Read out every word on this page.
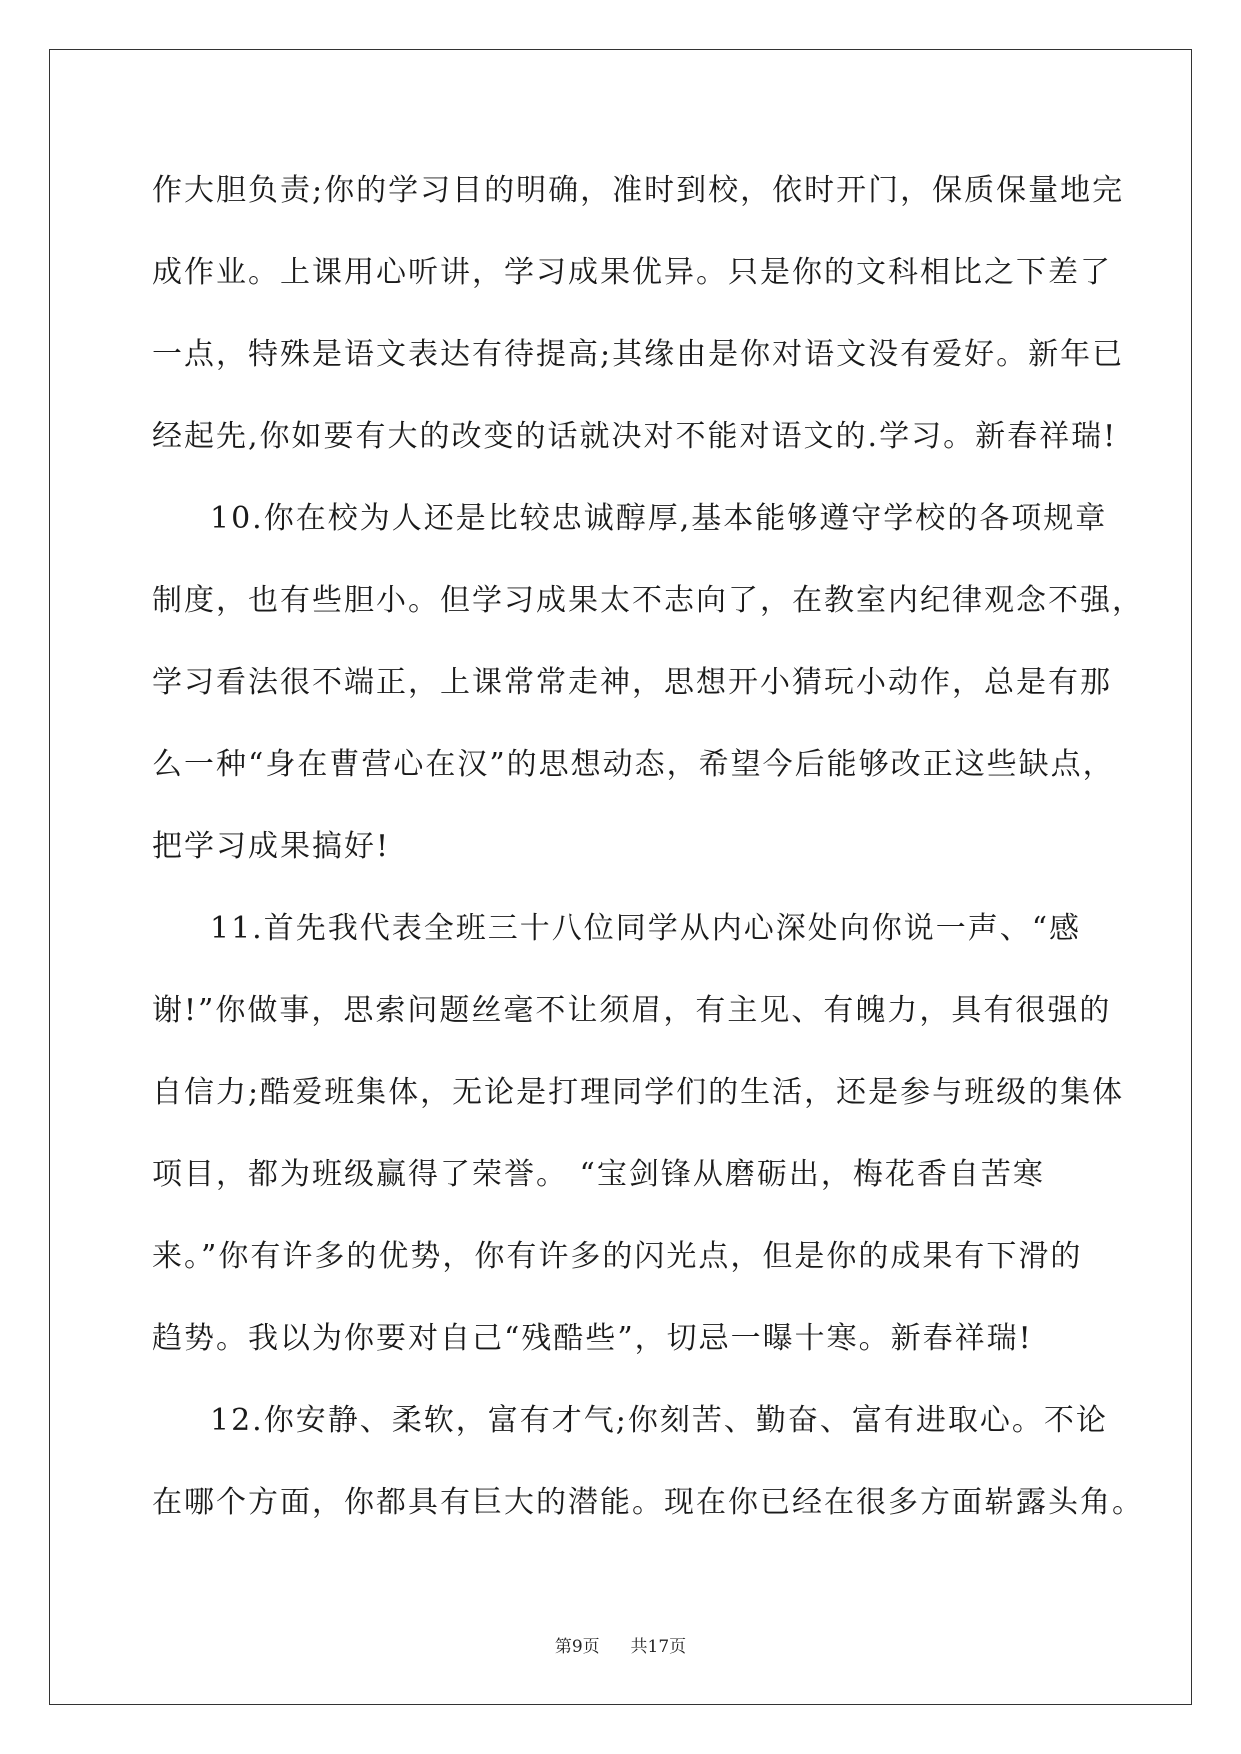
作大胆负责;你的学习目的明确，准时到校，依时开门，保质保量地完
成作业。上课用心听讲，学习成果优异。只是你的文科相比之下差了
一点，特殊是语文表达有待提高;其缘由是你对语文没有爱好。新年已
经起先,你如要有大的改变的话就决对不能对语文的.学习。新春祥瑞!
10.你在校为人还是比较忠诚醇厚,基本能够遵守学校的各项规章
制度，也有些胆小。但学习成果太不志向了，在教室内纪律观念不强，
学习看法很不端正，上课常常走神，思想开小猜玩小动作，总是有那
么一种“身在曹营心在汉”的思想动态，希望今后能够改正这些缺点，
把学习成果搞好!
11.首先我代表全班三十八位同学从内心深处向你说一声、“感
谢!”你做事，思索问题丝毫不让须眉，有主见、有魄力，具有很强的
自信力;酷爱班集体，无论是打理同学们的生活，还是参与班级的集体
项目，都为班级赢得了荣誉。 “宝剑锋从磨砺出，梅花香自苦寒
来。”你有许多的优势，你有许多的闪光点，但是你的成果有下滑的
趋势。我以为你要对自己“残酷些”，切忌一曝十寒。新春祥瑞!
12.你安静、柔软，富有才气;你刻苦、勤奋、富有进取心。不论
在哪个方面，你都具有巨大的潜能。现在你已经在很多方面崭露头角。
第9页 共17页
